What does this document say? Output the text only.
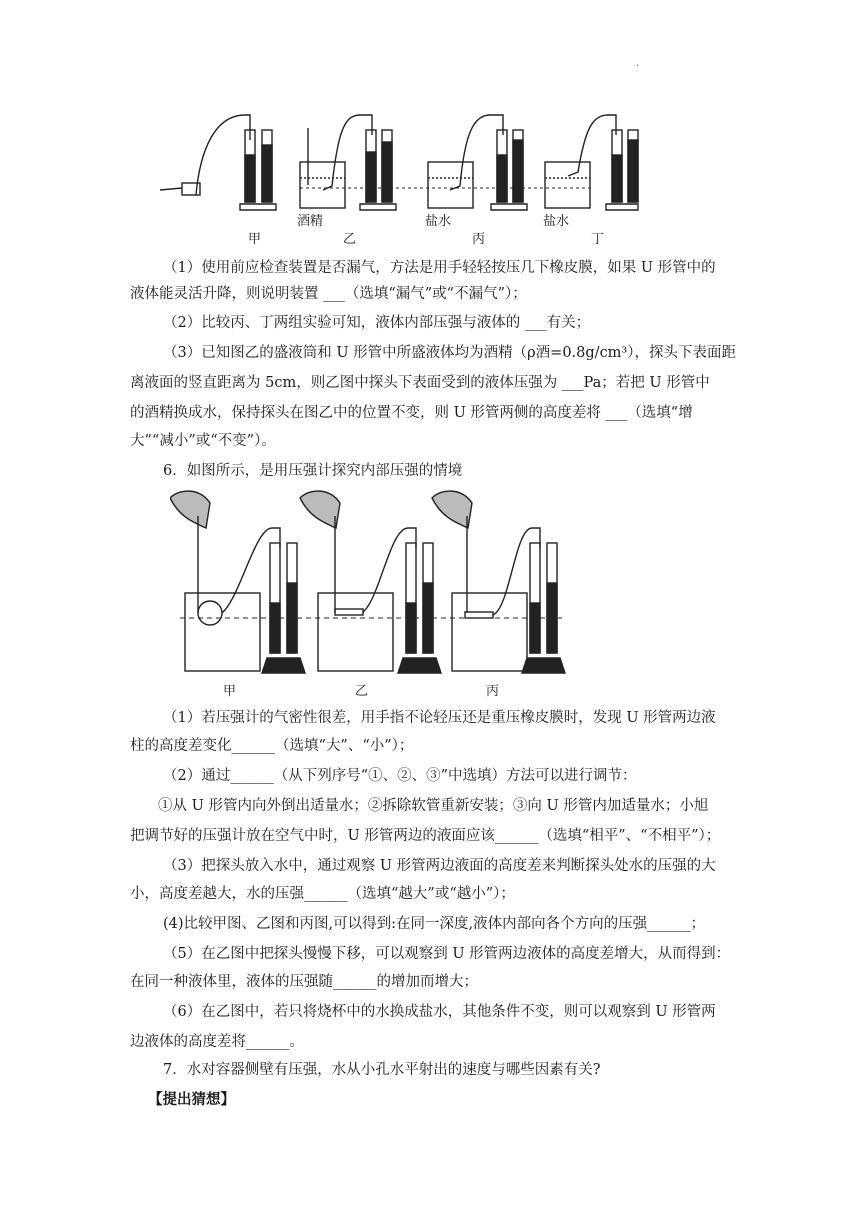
.
甲	乙	丙	丁
酒精	盐水	盐水
（1）使用前应检查装置是否漏气，方法是用手轻轻按压几下橡皮膜，如果 U 形管中的
液体能灵活升降，则说明装置 ___（选填“漏气”或“不漏气”）；
（2）比较丙、丁两组实验可知，液体内部压强与液体的 ___有关；
（3）已知图乙的盛液筒和 U 形管中所盛液体均为酒精（ρ酒=0.8g/cm³），探头下表面距
离液面的竖直距离为 5cm，则乙图中探头下表面受到的液体压强为 ___Pa；若把 U 形管中
的酒精换成水，保持探头在图乙中的位置不变，则 U 形管两侧的高度差将 ___（选填“增
大”“减小”或“不变”）。
6．如图所示，是用压强计探究内部压强的情境
甲	乙	丙
（1）若压强计的气密性很差，用手指不论轻压还是重压橡皮膜时，发现 U 形管两边液
柱的高度差变化______（选填“大”、“小”）；
（2）通过______（从下列序号“①、②、③”中选填）方法可以进行调节：
①从 U 形管内向外倒出适量水；②拆除软管重新安装；③向 U 形管内加适量水；小旭
把调节好的压强计放在空气中时，U 形管两边的液面应该______（选填“相平”、“不相平”）；
（3）把探头放入水中，通过观察 U 形管两边液面的高度差来判断探头处水的压强的大
小，高度差越大，水的压强______（选填“越大”或“越小”）；
(4)比较甲图、乙图和丙图,可以得到:在同一深度,液体内部向各个方向的压强______；
（5）在乙图中把探头慢慢下移，可以观察到 U 形管两边液体的高度差增大，从而得到：
在同一种液体里，液体的压强随______的增加而增大；
（6）在乙图中，若只将烧杯中的水换成盐水，其他条件不变，则可以观察到 U 形管两
边液体的高度差将______。
7．水对容器侧壁有压强，水从小孔水平射出的速度与哪些因素有关?
【提出猜想】
